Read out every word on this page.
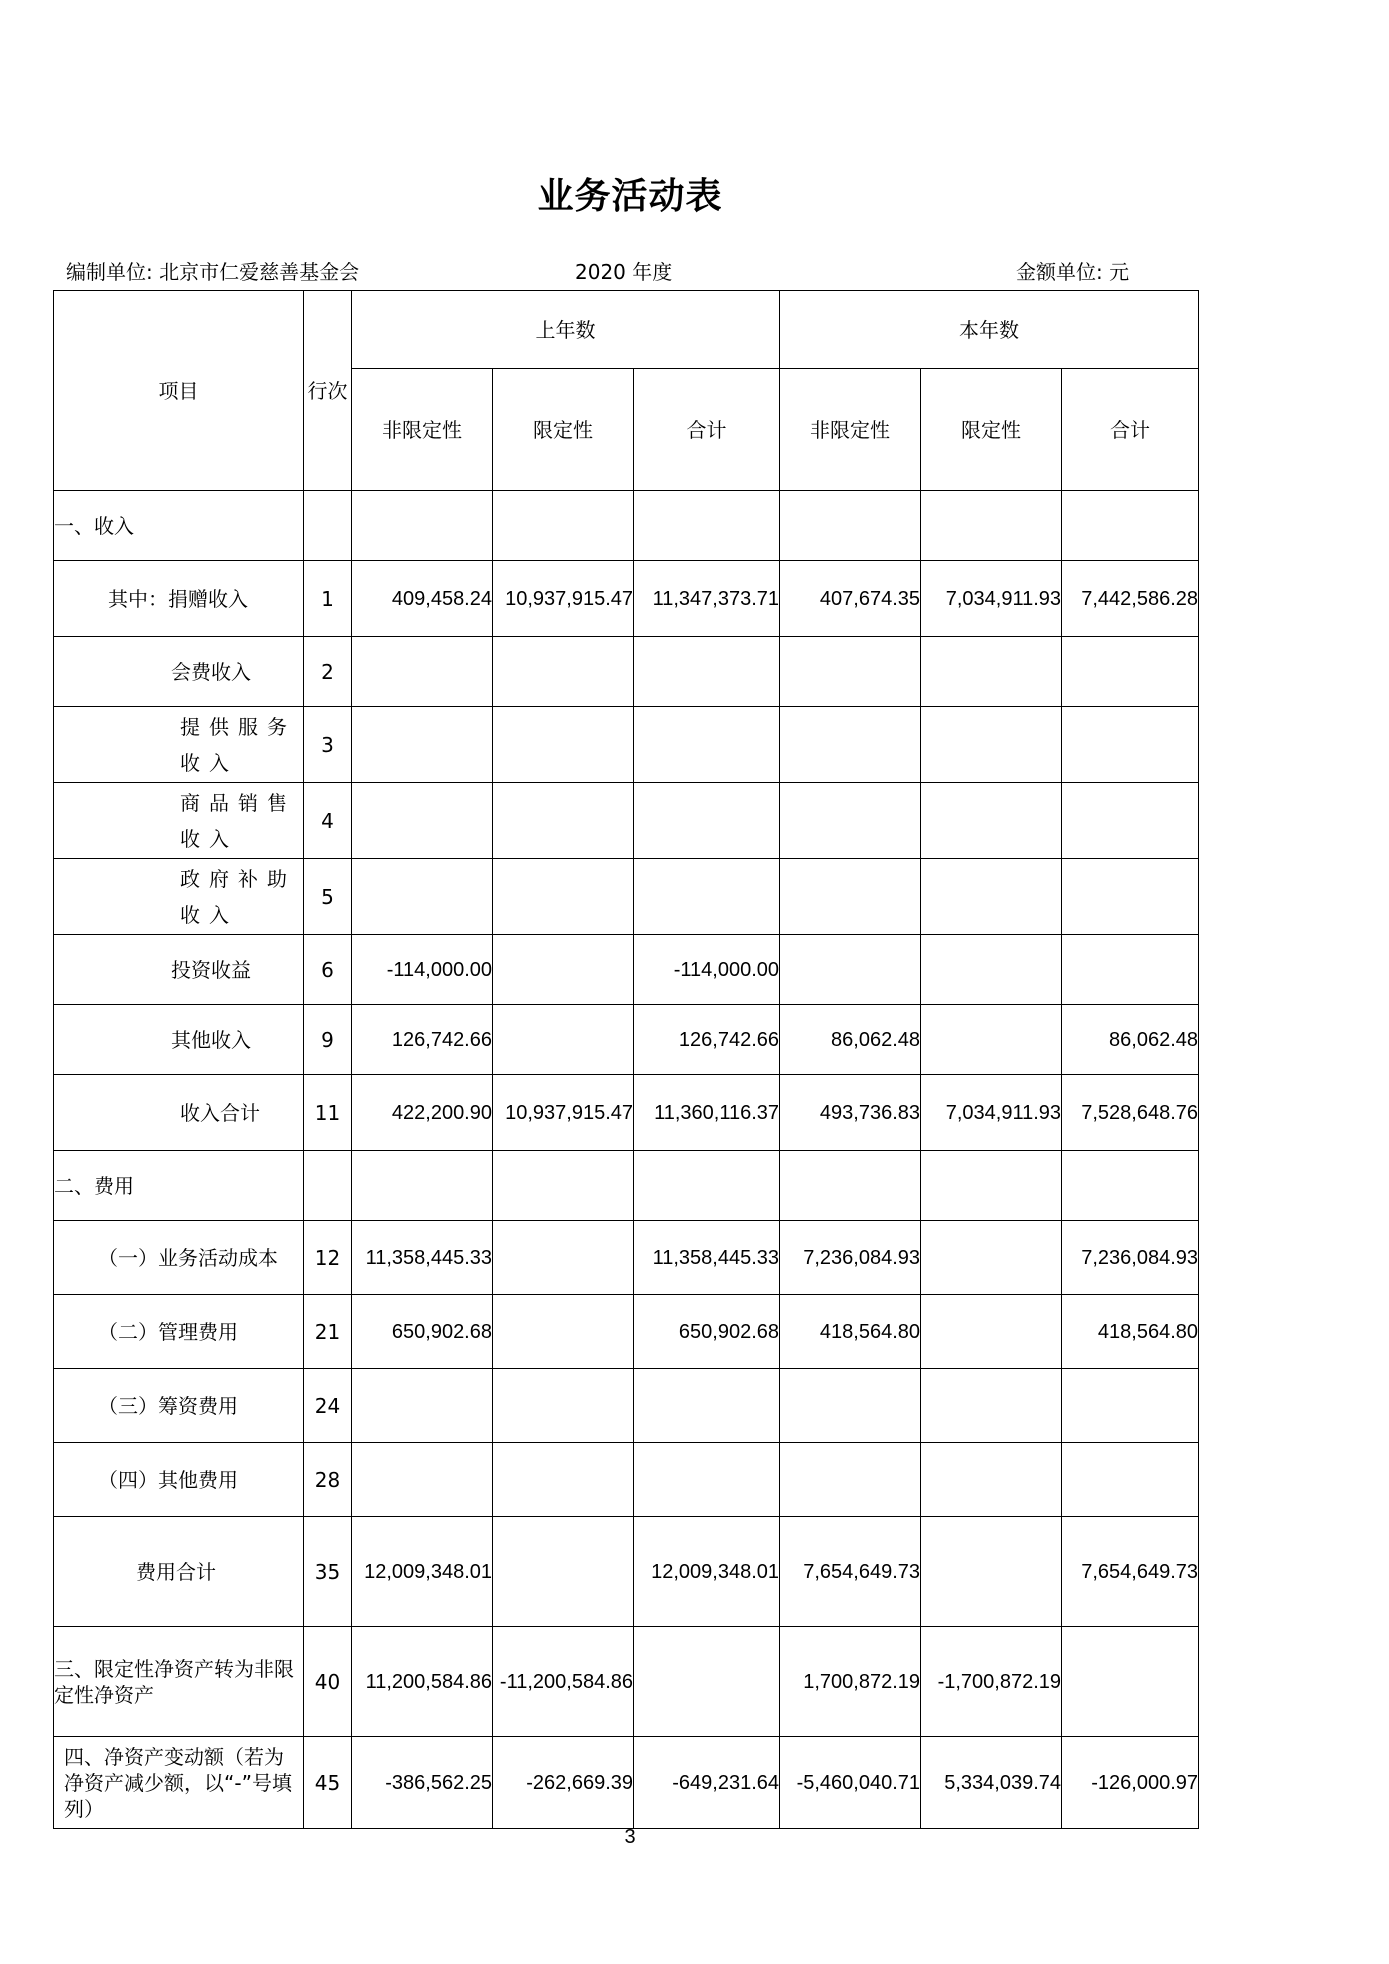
业务活动表
编制单位: 北京市仁爱慈善基金会	2020 年度	金额单位: 元
项目	行次	上年数			本年数		
		非限定性	限定性	合计	非限定性	限定性	合计
一、收入							
其中：捐赠收入	1	409,458.24	10,937,915.47	11,347,373.71	407,674.35	7,034,911.93	7,442,586.28
会费收入	2						
提供服务收入	3						
商品销售收入	4						
政府补助收入	5						
投资收益	6	-114,000.00		-114,000.00			
其他收入	9	126,742.66		126,742.66	86,062.48		86,062.48
收入合计	11	422,200.90	10,937,915.47	11,360,116.37	493,736.83	7,034,911.93	7,528,648.76
二、费用							
（一）业务活动成本	12	11,358,445.33		11,358,445.33	7,236,084.93		7,236,084.93
（二）管理费用	21	650,902.68		650,902.68	418,564.80		418,564.80
（三）筹资费用	24						
（四）其他费用	28						
费用合计	35	12,009,348.01		12,009,348.01	7,654,649.73		7,654,649.73
三、限定性净资产转为非限定性净资产	40	11,200,584.86	-11,200,584.86		1,700,872.19	-1,700,872.19	
四、净资产变动额（若为净资产减少额，以“-”号填列）	45	-386,562.25	-262,669.39	-649,231.64	-5,460,040.71	5,334,039.74	-126,000.97
3
